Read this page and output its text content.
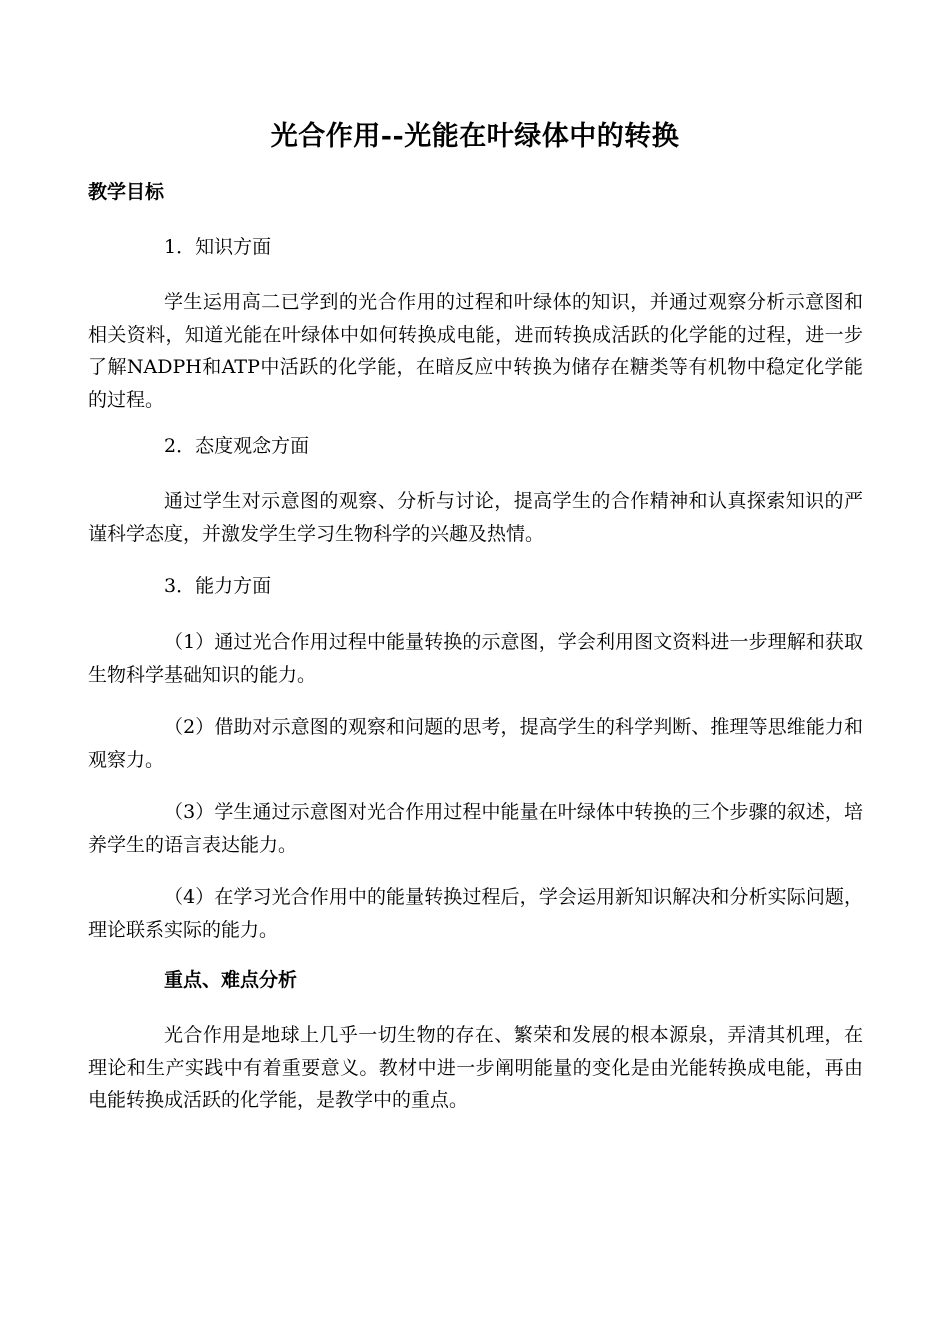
光合作用--光能在叶绿体中的转换
教学目标
1．知识方面

学生运用高二已学到的光合作用的过程和叶绿体的知识，并通过观察分析示意图和相关资料，知道光能在叶绿体中如何转换成电能，进而转换成活跃的化学能的过程，进一步了解NADPH和ATP中活跃的化学能，在暗反应中转换为储存在糖类等有机物中稳定化学能的过程。

2．态度观念方面

通过学生对示意图的观察、分析与讨论，提高学生的合作精神和认真探索知识的严谨科学态度，并激发学生学习生物科学的兴趣及热情。

3．能力方面

（1）通过光合作用过程中能量转换的示意图，学会利用图文资料进一步理解和获取生物科学基础知识的能力。

（2）借助对示意图的观察和问题的思考，提高学生的科学判断、推理等思维能力和观察力。

（3）学生通过示意图对光合作用过程中能量在叶绿体中转换的三个步骤的叙述，培养学生的语言表达能力。

（4）在学习光合作用中的能量转换过程后，学会运用新知识解决和分析实际问题，理论联系实际的能力。

重点、难点分析

光合作用是地球上几乎一切生物的存在、繁荣和发展的根本源泉，弄清其机理，在理论和生产实践中有着重要意义。教材中进一步阐明能量的变化是由光能转换成电能，再由电能转换成活跃的化学能，是教学中的重点。
